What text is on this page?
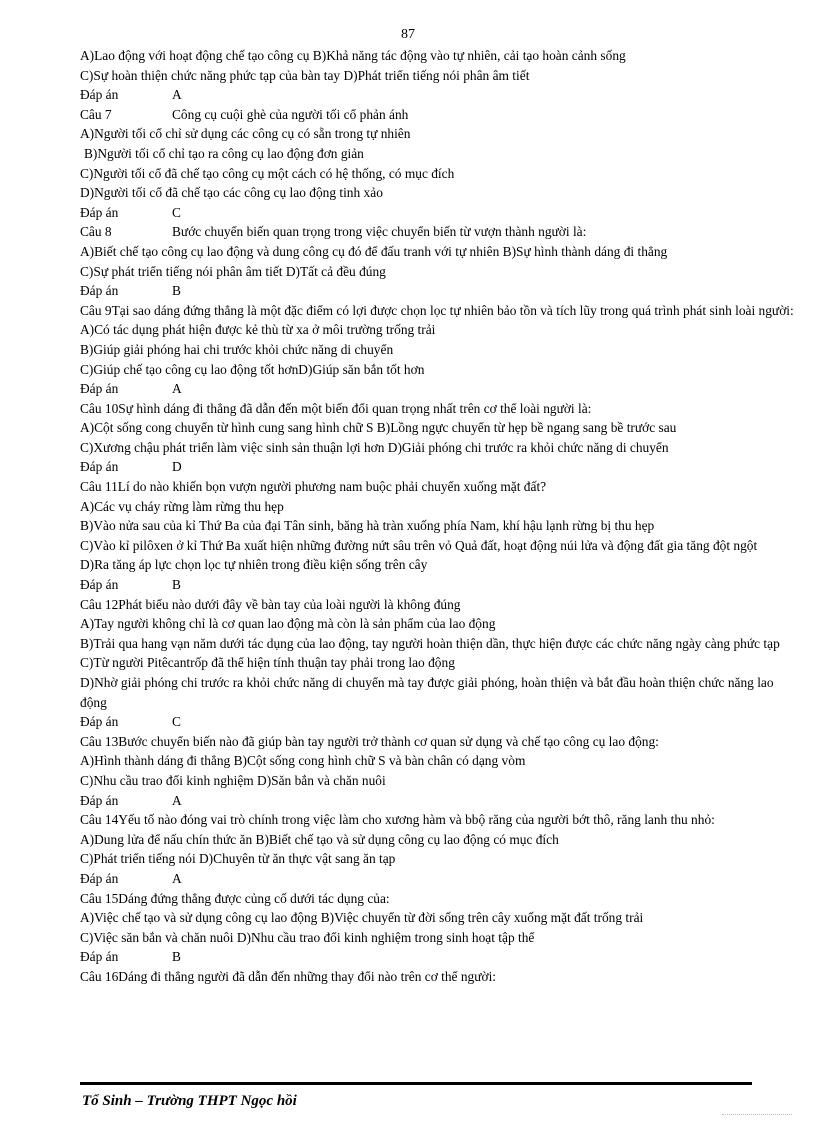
87
A)Lao động với hoạt động chế tạo công cụ B)Khả năng tác động vào tự nhiên, cải tạo hoàn cảnh sống
C)Sự hoàn thiện chức năng phức tạp của bàn tay D)Phát triển tiếng nói phân âm tiết
Đáp án	A
Câu 7	Công cụ cuội ghè của người tối cổ phản ánh
A)Người tối cổ chỉ sử dụng các công cụ có sẵn trong tự nhiên
B)Người tối cổ chỉ tạo ra công cụ lao động đơn giản
C)Người tối cổ đã chế tạo công cụ một cách có hệ thống, có mục đích
D)Người tối cổ đã chế tạo các công cụ lao động tinh xảo
Đáp án	C
Câu 8	Bước chuyển biến quan trọng trong việc chuyển biến từ vượn thành người là:
A)Biết chế tạo công cụ lao động và dung công cụ đó để đấu tranh với tự nhiên B)Sự hình thành dáng đi thẳng
C)Sự phát triển tiếng nói phân âm tiết D)Tất cả đều đúng
Đáp án	B
Câu 9Tại sao dáng đứng thẳng là một đặc điểm có lợi được chọn lọc tự nhiên bảo tồn và tích lũy trong quá trình phát sinh loài người:
A)Có tác dụng phát hiện được kẻ thù từ xa ở môi trường trống trải
B)Giúp giải phóng hai chi trước khỏi chức năng di chuyển
C)Giúp chế tạo công cụ lao động tốt hơnD)Giúp săn bắn tốt hơn
Đáp án	A
Câu 10Sự hình dáng đi thẳng đã dẫn đến một biến đổi quan trọng nhất trên cơ thể loài người là:
A)Cột sống cong chuyển từ hình cung sang hình chữ S B)Lồng ngực chuyển từ hẹp bề ngang sang bề trước sau
C)Xương chậu phát triển làm việc sinh sản thuận lợi hơn D)Giải phóng chi trước ra khỏi chức năng di chuyển
Đáp án	D
Câu 11Lí do nào khiến bọn vượn người phương nam buộc phải chuyển xuống mặt đất?
A)Các vụ cháy rừng làm rừng thu hẹp
B)Vào nửa sau của kỉ Thứ Ba của đại Tân sinh, băng hà tràn xuống phía Nam, khí hậu lạnh rừng bị thu hẹp
C)Vào kỉ pilôxen ở kỉ Thứ Ba xuất hiện những đường nứt sâu trên vỏ Quả đất, hoạt động núi lửa và động đất gia tăng đột ngột
D)Ra tăng áp lực chọn lọc tự nhiên trong điều kiện sống trên cây
Đáp án	B
Câu 12Phát biểu nào dưới đây về bàn tay của loài người là không đúng
A)Tay người không chỉ là cơ quan lao động mà còn là sản phẩm của lao động
B)Trải qua hang vạn năm dưới tác dụng của lao động, tay người hoàn thiện dần, thực hiện được các chức năng ngày càng phức tạp
C)Từ người Pitêcantrốp đã thể hiện tính thuận tay phải trong lao động
D)Nhờ giải phóng chi trước ra khỏi chức năng di chuyển mà tay được giải phóng, hoàn thiện và bắt đầu hoàn thiện chức năng lao động
Đáp án	C
Câu 13Bước chuyển biến nào đã giúp bàn tay người trở thành cơ quan sử dụng và chế tạo công cụ lao động:
A)Hình thành dáng đi thẳng B)Cột sống cong hình chữ S và bàn chân có dạng vòm
C)Nhu cầu trao đổi kinh nghiệm D)Săn bắn và chăn nuôi
Đáp án	A
Câu 14Yếu tố nào đóng vai trò chính trong việc làm cho xương hàm và bbộ răng của người bớt thô, răng lanh thu nhỏ:
A)Dung lửa để nấu chín thức ăn B)Biết chế tạo và sử dụng công cụ lao động có mục đích
C)Phát triển tiếng nói D)Chuyên từ ăn thực vật sang ăn tạp
Đáp án	A
Câu 15Dáng đứng thẳng được củng cố dưới tác dụng của:
A)Việc chế tạo và sử dụng công cụ lao động B)Việc chuyển từ đời sống trên cây xuống mặt đất trống trải
C)Việc săn bắn và chăn nuôi D)Nhu cầu trao đổi kinh nghiệm trong sinh hoạt tập thể
Đáp án	B
Câu 16Dáng đi thẳng người đã dẫn đến những thay đổi nào trên cơ thể người:
Tổ Sinh – Trường THPT Ngọc hồi
